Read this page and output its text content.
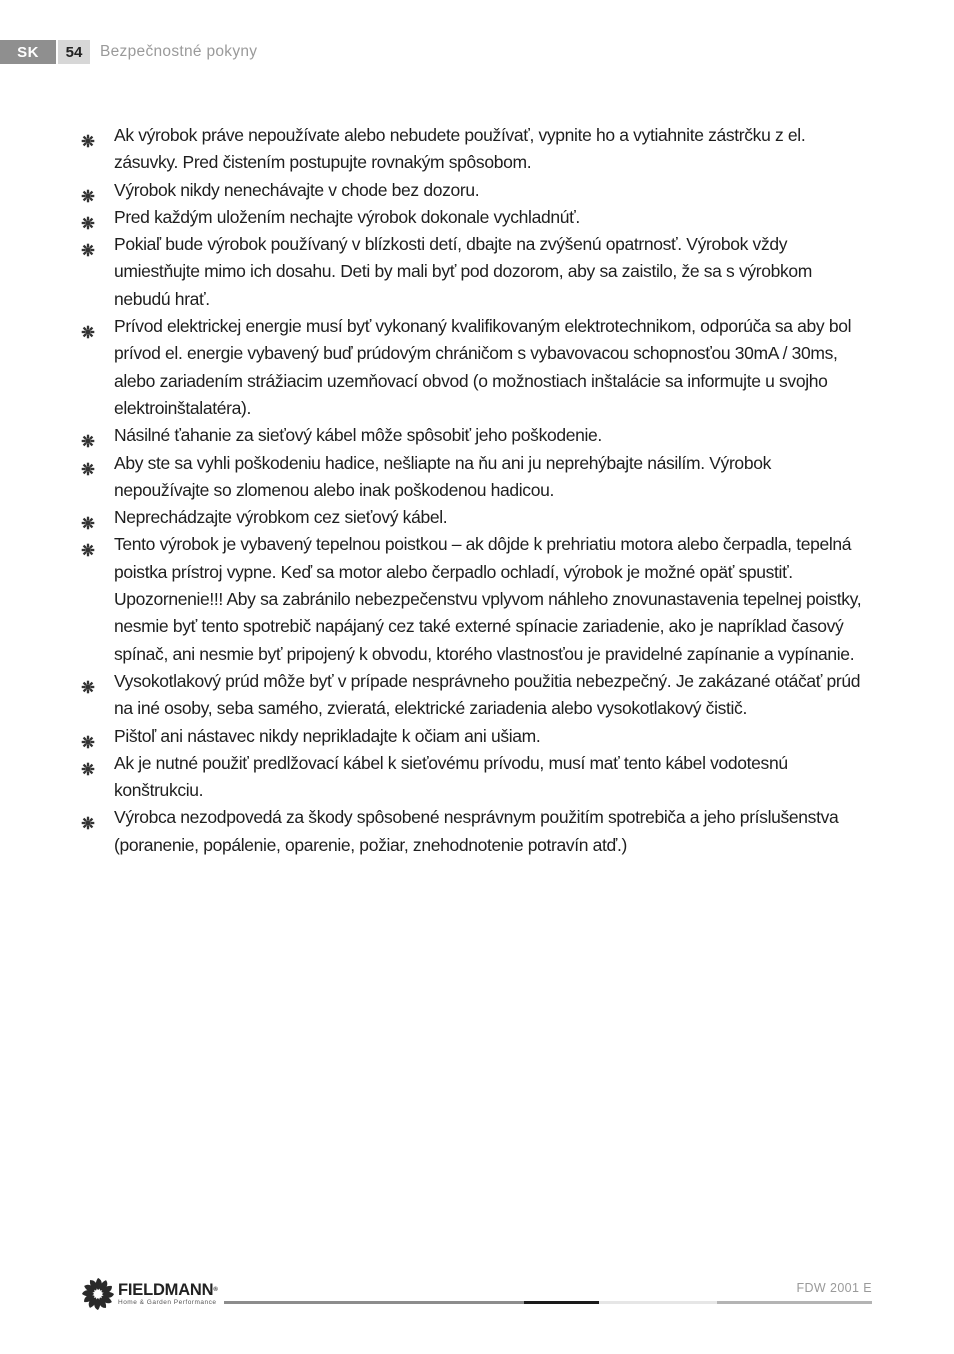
SK	54	Bezpečnostné pokyny
Ak výrobok práve nepoužívate alebo nebudete používať, vypnite ho a vytiahnite zástrčku z el. zásuvky. Pred čistením postupujte rovnakým spôsobom.
Výrobok nikdy nenechávajte v chode bez dozoru.
Pred každým uložením nechajte výrobok dokonale vychladnúť.
Pokiaľ bude výrobok používaný v blízkosti detí, dbajte na zvýšenú opatrnosť. Výrobok vždy umiestňujte mimo ich dosahu. Deti by mali byť pod dozorom, aby sa zaistilo, že sa s výrobkom nebudú hrať.
Prívod elektrickej energie musí byť vykonaný kvalifikovaným elektrotechnikom, odporúča sa aby bol prívod el. energie vybavený buď prúdovým chráničom s vybavovacou schopnosťou 30mA / 30ms, alebo zariadením strážiacim uzemňovací obvod (o možnostiach inštalácie sa informujte u svojho elektroinštalatéra).
Násilné ťahanie za sieťový kábel môže spôsobiť jeho poškodenie.
Aby ste sa vyhli poškodeniu hadice, nešliapte na ňu ani ju neprehýbajte násilím. Výrobok nepoužívajte so zlomenou alebo inak poškodenou hadicou.
Neprechádzajte výrobkom cez sieťový kábel.
Tento výrobok je vybavený tepelnou poistkou – ak dôjde k prehriatiu motora alebo čerpadla, tepelná poistka prístroj vypne. Keď sa motor alebo čerpadlo ochladí, výrobok je možné opäť spustiť. Upozornenie!!! Aby sa zabránilo nebezpečenstvu vplyvom náhleho znovunastavenia tepelnej poistky, nesmie byť tento spotrebič napájaný cez také externé spínacie zariadenie, ako je napríklad časový spínač, ani nesmie byť pripojený k obvodu, ktorého vlastnosťou je pravidelné zapínanie a vypínanie.
Vysokotlakový prúd môže byť v prípade nesprávneho použitia nebezpečný. Je zakázané otáčať prúd na iné osoby, seba samého, zvieratá, elektrické zariadenia alebo vysokotlakový čistič.
Pištoľ ani nástavec nikdy neprikladajte k očiam ani ušiam.
Ak je nutné použiť predlžovací kábel k sieťovému prívodu, musí mať tento kábel vodotesnú konštrukciu.
Výrobca nezodpovedá za škody spôsobené nesprávnym použitím spotrebiča a jeho príslušenstva (poranenie, popálenie, oparenie, požiar, znehodnotenie potravín atď.)
FIELDMANN®
Home & Garden Performance
FDW 2001 E
